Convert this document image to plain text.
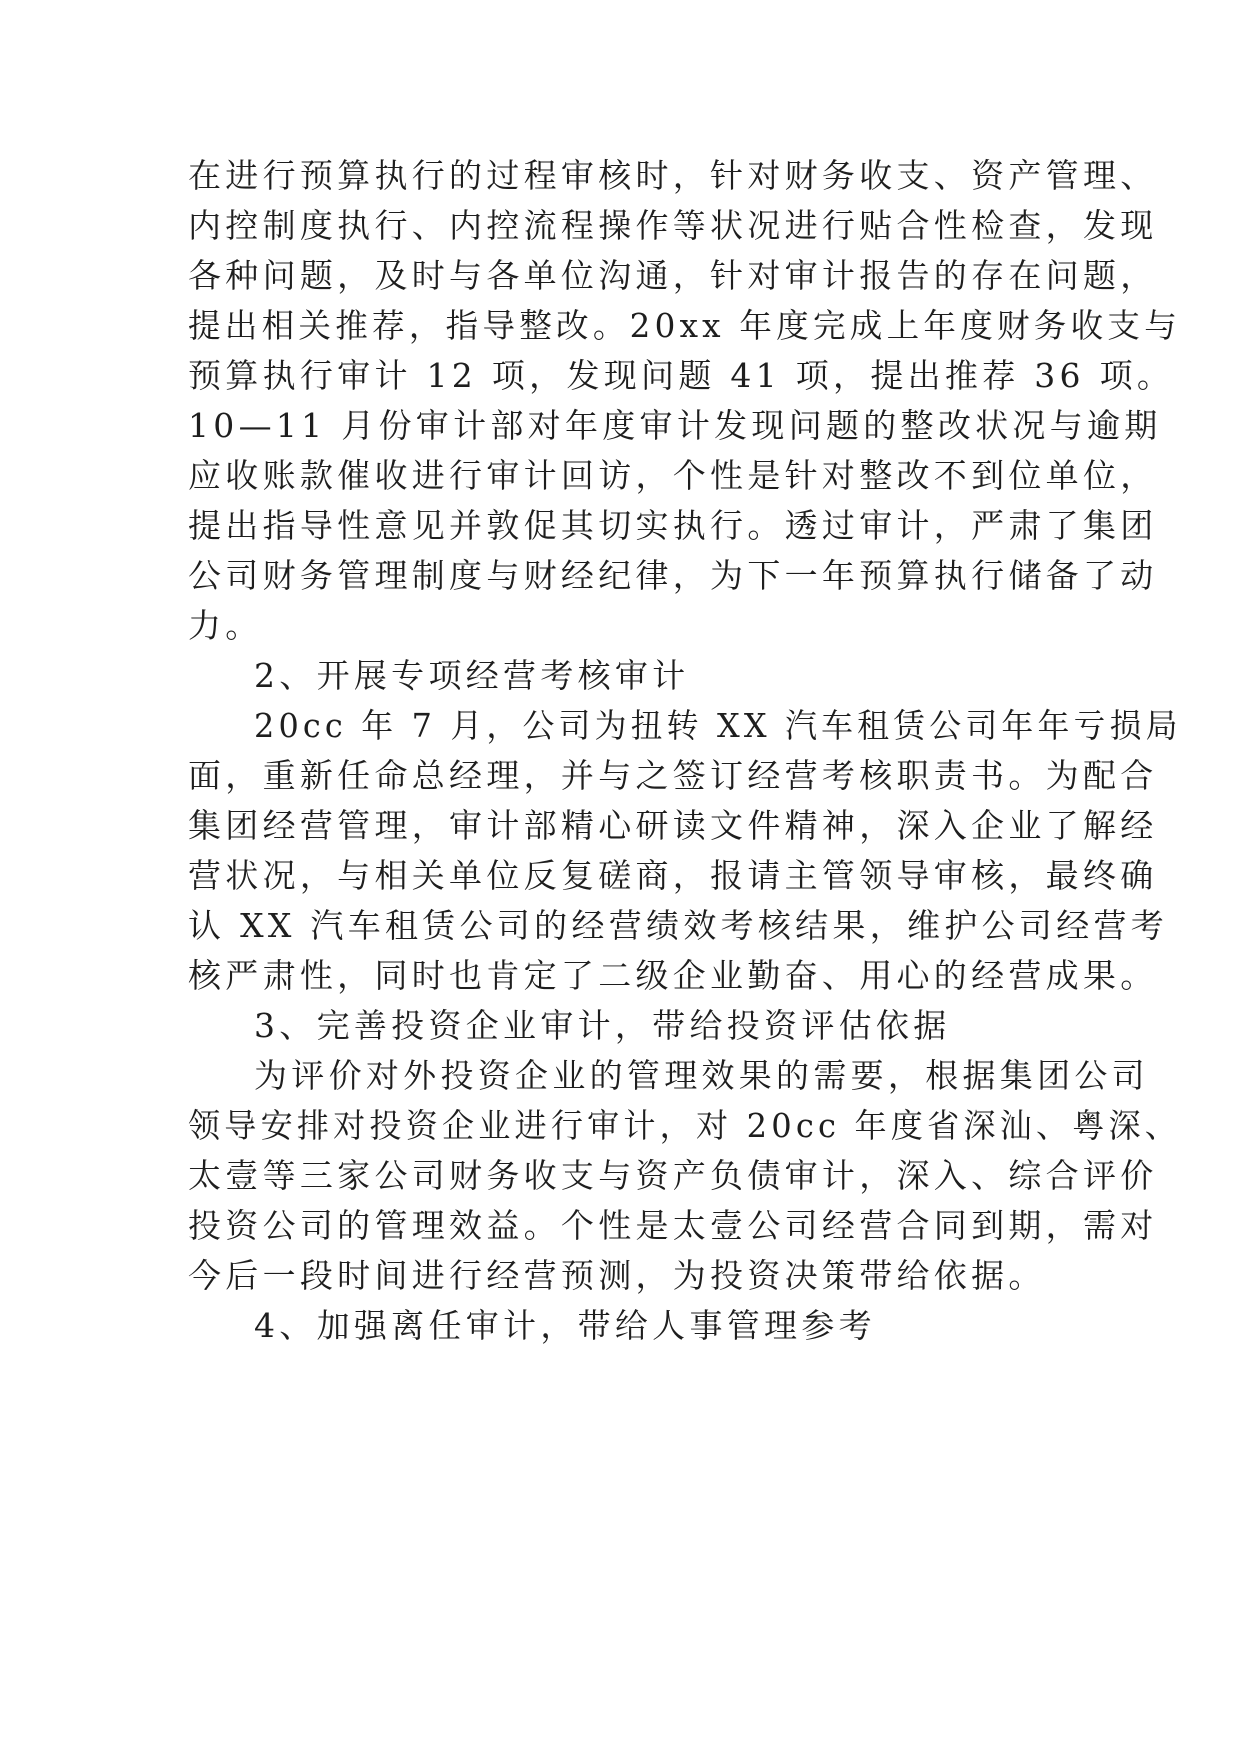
在进行预算执行的过程审核时，针对财务收支、资产管理、
内控制度执行、内控流程操作等状况进行贴合性检查，发现
各种问题，及时与各单位沟通，针对审计报告的存在问题，
提出相关推荐，指导整改。20xx 年度完成上年度财务收支与
预算执行审计 12 项，发现问题 41 项，提出推荐 36 项。
10—11 月份审计部对年度审计发现问题的整改状况与逾期
应收账款催收进行审计回访，个性是针对整改不到位单位，
提出指导性意见并敦促其切实执行。透过审计，严肃了集团
公司财务管理制度与财经纪律，为下一年预算执行储备了动
力。
2、开展专项经营考核审计
20cc 年 7 月，公司为扭转 XX 汽车租赁公司年年亏损局
面，重新任命总经理，并与之签订经营考核职责书。为配合
集团经营管理，审计部精心研读文件精神，深入企业了解经
营状况，与相关单位反复磋商，报请主管领导审核，最终确
认 XX 汽车租赁公司的经营绩效考核结果，维护公司经营考
核严肃性，同时也肯定了二级企业勤奋、用心的经营成果。
3、完善投资企业审计，带给投资评估依据
为评价对外投资企业的管理效果的需要，根据集团公司
领导安排对投资企业进行审计，对 20cc 年度省深汕、粤深、
太壹等三家公司财务收支与资产负债审计，深入、综合评价
投资公司的管理效益。个性是太壹公司经营合同到期，需对
今后一段时间进行经营预测，为投资决策带给依据。
4、加强离任审计，带给人事管理参考
